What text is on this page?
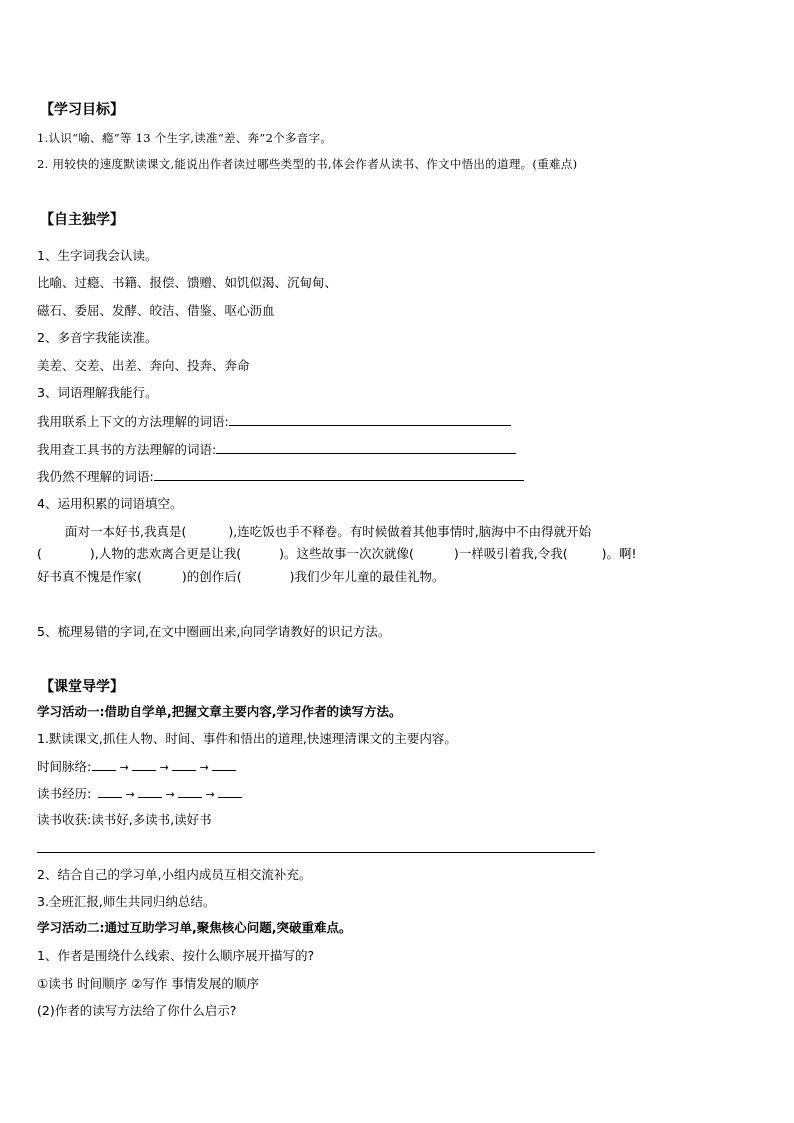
【学习目标】
1.认识“喻、瘾”等 13 个生字,读准“差、奔”2个多音字。
2. 用较快的速度默读课文,能说出作者读过哪些类型的书,体会作者从读书、作文中悟出的道理。(重难点)
【自主独学】
1、生字词我会认读。
比喻、过瘾、书籍、报偿、馈赠、如饥似渴、沉甸甸、
磁石、委屈、发酵、皎洁、借鉴、呕心沥血
2、多音字我能读准。
美差、交差、出差、奔向、投奔、奔命
3、词语理解我能行。
我用联系上下文的方法理解的词语:
我用查工具书的方法理解的词语:
我仍然不理解的词语:
4、运用积累的词语填空。
面对一本好书,我真是(	),连吃饭也手不释卷。有时候做着其他事情时,脑海中不由得就开始
(	),人物的悲欢离合更是让我(	)。这些故事一次次就像(	)一样吸引着我,令我(	)。啊!
好书真不愧是作家(	)的创作后(	)我们少年儿童的最佳礼物。
5、梳理易错的字词,在文中圈画出来,向同学请教好的识记方法。
【课堂导学】
学习活动一:借助自学单,把握文章主要内容,学习作者的读写方法。
1.默读课文,抓住人物、时间、事件和悟出的道理,快速理清课文的主要内容。
时间脉络:	→	→	→
读书经历:	→	→	→
读书收获:读书好,多读书,读好书
2、结合自己的学习单,小组内成员互相交流补充。
3.全班汇报,师生共同归纳总结。
学习活动二:通过互助学习单,聚焦核心问题,突破重难点。
1、作者是围绕什么线索、按什么顺序展开描写的?
①读书 时间顺序 ②写作 事情发展的顺序
(2)作者的读写方法给了你什么启示?
